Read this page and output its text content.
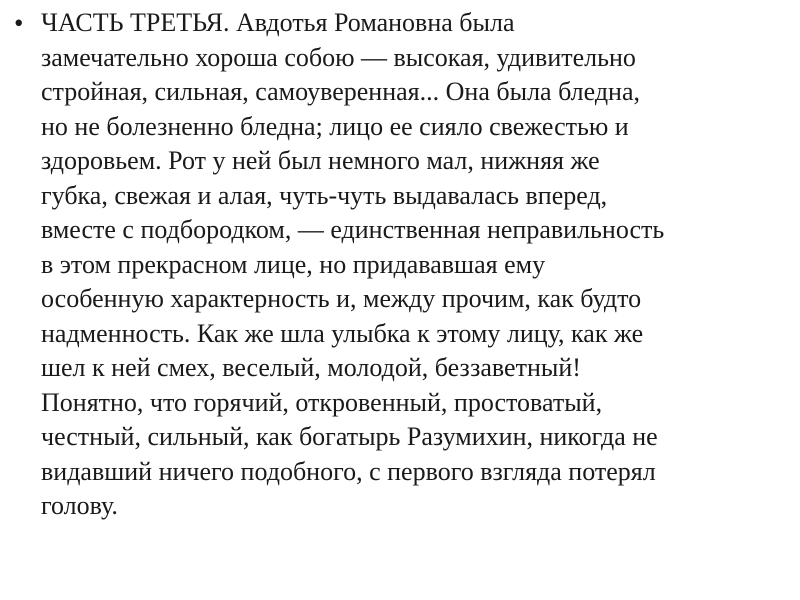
• ЧАСТЬ ТРЕТЬЯ. Авдотья Романовна была
замечательно хороша собою — высокая, удивительно
стройная, сильная, самоуверенная... Она была бледна,
но не болезненно бледна; лицо ее сияло свежестью и
здоровьем. Рот у ней был немного мал, нижняя же
губка, свежая и алая, чуть-чуть выдавалась вперед,
вместе с подбородком, — единственная неправильность
в этом прекрасном лице, но придававшая ему
особенную характерность и, между прочим, как будто
надменность. Как же шла улыбка к этому лицу, как же
шел к ней смех, веселый, молодой, беззаветный!
Понятно, что горячий, откровенный, простоватый,
честный, сильный, как богатырь Разумихин, никогда не
видавший ничего подобного, с первого взгляда потерял
голову.
